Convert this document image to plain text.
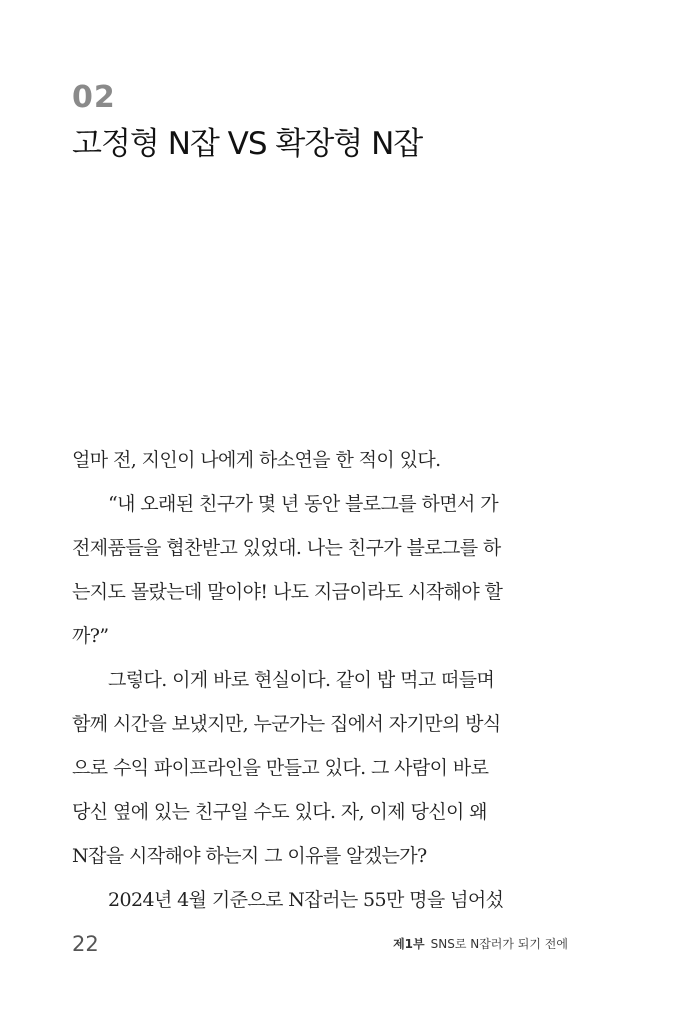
02
고정형 N잡 VS 확장형 N잡

얼마 전, 지인이 나에게 하소연을 한 적이 있다.

“내 오래된 친구가 몇 년 동안 블로그를 하면서 가
전제품들을 협찬받고 있었대. 나는 친구가 블로그를 하
는지도 몰랐는데 말이야! 나도 지금이라도 시작해야 할
까?”

그렇다. 이게 바로 현실이다. 같이 밥 먹고 떠들며
함께 시간을 보냈지만, 누군가는 집에서 자기만의 방식
으로 수익 파이프라인을 만들고 있다. 그 사람이 바로
당신 옆에 있는 친구일 수도 있다. 자, 이제 당신이 왜
N잡을 시작해야 하는지 그 이유를 알겠는가?

2024년 4월 기준으로 N잡러는 55만 명을 넘어섰

22	제1부 SNS로 N잡러가 되기 전에
